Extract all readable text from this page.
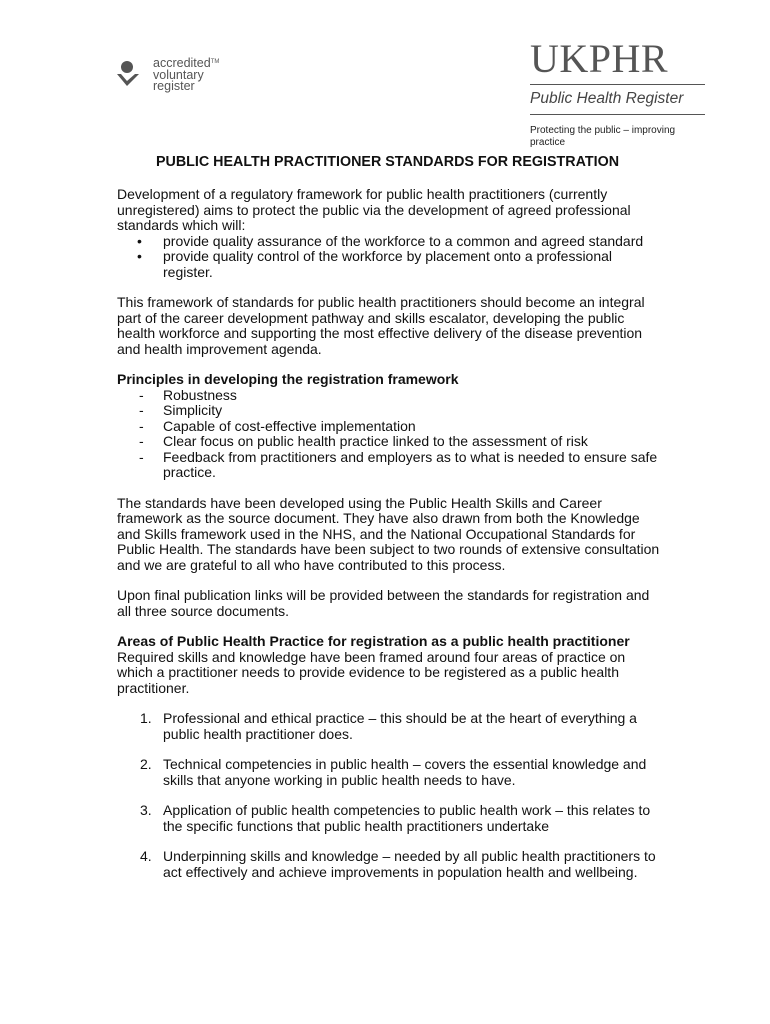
accredited™
voluntary
register
UKPHR
Public Health Register
Protecting the public – improving practice
PUBLIC HEALTH PRACTITIONER STANDARDS FOR REGISTRATION
Development of a regulatory framework for public health practitioners (currently unregistered) aims to protect the public via the development of agreed professional standards which will:
• provide quality assurance of the workforce to a common and agreed standard
• provide quality control of the workforce by placement onto a professional register.

This framework of standards for public health practitioners should become an integral part of the career development pathway and skills escalator, developing the public health workforce and supporting the most effective delivery of the disease prevention and health improvement agenda.

Principles in developing the registration framework
- Robustness
- Simplicity
- Capable of cost-effective implementation
- Clear focus on public health practice linked to the assessment of risk
- Feedback from practitioners and employers as to what is needed to ensure safe practice.

The standards have been developed using the Public Health Skills and Career framework as the source document. They have also drawn from both the Knowledge and Skills framework used in the NHS, and the National Occupational Standards for Public Health. The standards have been subject to two rounds of extensive consultation and we are grateful to all who have contributed to this process.

Upon final publication links will be provided between the standards for registration and all three source documents.

Areas of Public Health Practice for registration as a public health practitioner

Required skills and knowledge have been framed around four areas of practice on which a practitioner needs to provide evidence to be registered as a public health practitioner.

1. Professional and ethical practice – this should be at the heart of everything a public health practitioner does.
2. Technical competencies in public health – covers the essential knowledge and skills that anyone working in public health needs to have.
3. Application of public health competencies to public health work – this relates to the specific functions that public health practitioners undertake
4. Underpinning skills and knowledge – needed by all public health practitioners to act effectively and achieve improvements in population health and wellbeing.
